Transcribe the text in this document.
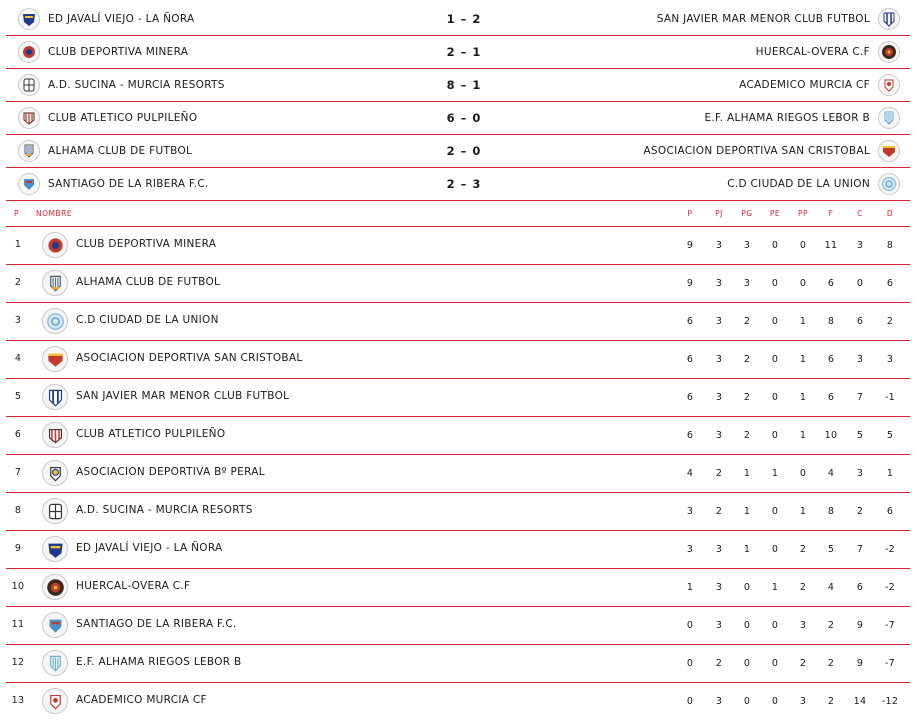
ED JAVALÍ VIEJO - LA ÑORA	1 – 2	SAN JAVIER MAR MENOR CLUB FUTBOL
CLUB DEPORTIVA MINERA	2 – 1	HUERCAL-OVERA C.F
A.D. SUCINA - MURCIA RESORTS	8 – 1	ACADEMICO MURCIA CF
CLUB ATLETICO PULPILEÑO	6 – 0	E.F. ALHAMA RIEGOS LEBOR B
ALHAMA CLUB DE FUTBOL	2 – 0	ASOCIACION DEPORTIVA SAN CRISTOBAL
SANTIAGO DE LA RIBERA F.C.	2 – 3	C.D CIUDAD DE LA UNION
P NOMBRE	P	PJ	PG	PE	PP	F	C	D
1	CLUB DEPORTIVA MINERA	9	3	3	0	0	11	3	8
2	ALHAMA CLUB DE FUTBOL	9	3	3	0	0	6	0	6
3	C.D CIUDAD DE LA UNION	6	3	2	0	1	8	6	2
4	ASOCIACION DEPORTIVA SAN CRISTOBAL	6	3	2	0	1	6	3	3
5	SAN JAVIER MAR MENOR CLUB FUTBOL	6	3	2	0	1	6	7	-1
6	CLUB ATLETICO PULPILEÑO	6	3	2	0	1	10	5	5
7	ASOCIACION DEPORTIVA Bº PERAL	4	2	1	1	0	4	3	1
8	A.D. SUCINA - MURCIA RESORTS	3	2	1	0	1	8	2	6
9	ED JAVALÍ VIEJO - LA ÑORA	3	3	1	0	2	5	7	-2
10	HUERCAL-OVERA C.F	1	3	0	1	2	4	6	-2
11	SANTIAGO DE LA RIBERA F.C.	0	3	0	0	3	2	9	-7
12	E.F. ALHAMA RIEGOS LEBOR B	0	2	0	0	2	2	9	-7
13	ACADEMICO MURCIA CF	0	3	0	0	3	2	14	-12
